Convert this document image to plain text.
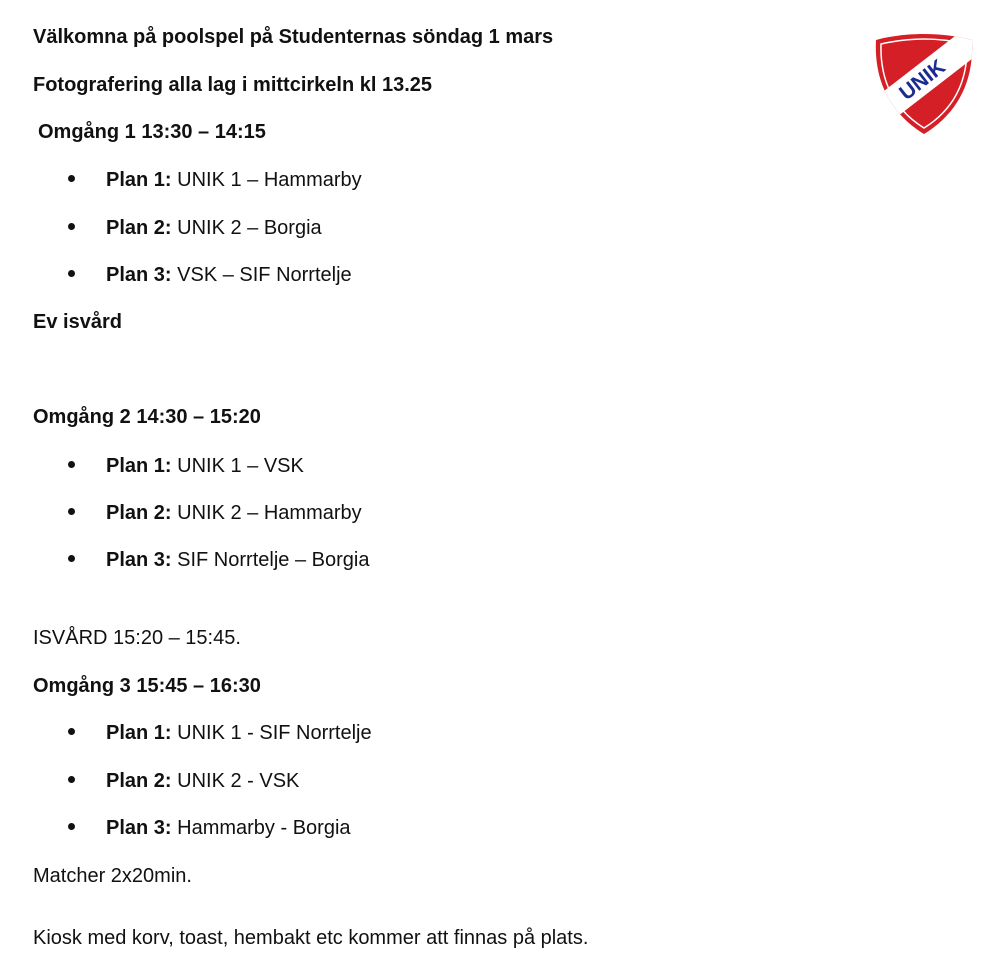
Välkomna på poolspel på Studenternas söndag 1 mars
Fotografering alla lag i mittcirkeln kl 13.25
Omgång 1 13:30 – 14:15
Plan 1: UNIK 1 – Hammarby
Plan 2: UNIK 2 – Borgia
Plan 3: VSK – SIF Norrtelje
Ev isvård
Omgång 2 14:30 – 15:20
Plan 1: UNIK 1 – VSK
Plan 2: UNIK 2 – Hammarby
Plan 3: SIF Norrtelje – Borgia
ISVÅRD 15:20 – 15:45.
Omgång 3 15:45 – 16:30
Plan 1: UNIK 1 - SIF Norrtelje
Plan 2: UNIK 2 - VSK
Plan 3: Hammarby - Borgia
Matcher 2x20min.
Kiosk med korv, toast, hembakt etc kommer att finnas på plats.
UNIK
